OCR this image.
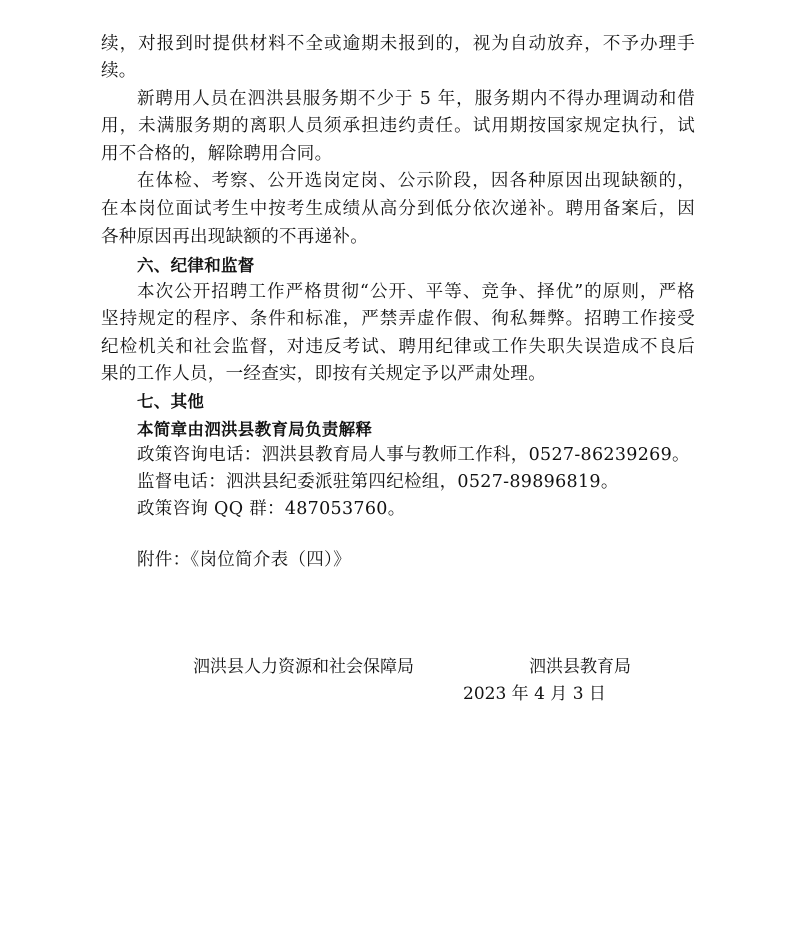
续，对报到时提供材料不全或逾期未报到的，视为自动放弃，不予办理手
续。
新聘用人员在泗洪县服务期不少于 5 年，服务期内不得办理调动和借
用，未满服务期的离职人员须承担违约责任。试用期按国家规定执行，试
用不合格的，解除聘用合同。
在体检、考察、公开选岗定岗、公示阶段，因各种原因出现缺额的，
在本岗位面试考生中按考生成绩从高分到低分依次递补。聘用备案后，因
各种原因再出现缺额的不再递补。
六、纪律和监督
本次公开招聘工作严格贯彻“公开、平等、竞争、择优”的原则，严格
坚持规定的程序、条件和标准，严禁弄虚作假、徇私舞弊。招聘工作接受
纪检机关和社会监督，对违反考试、聘用纪律或工作失职失误造成不良后
果的工作人员，一经查实，即按有关规定予以严肃处理。
七、其他
本简章由泗洪县教育局负责解释
政策咨询电话：泗洪县教育局人事与教师工作科，0527-86239269。
监督电话：泗洪县纪委派驻第四纪检组，0527-89896819。
政策咨询 QQ 群：487053760。
附件：《岗位简介表（四）》
泗洪县人力资源和社会保障局	泗洪县教育局
2023 年 4 月 3 日
